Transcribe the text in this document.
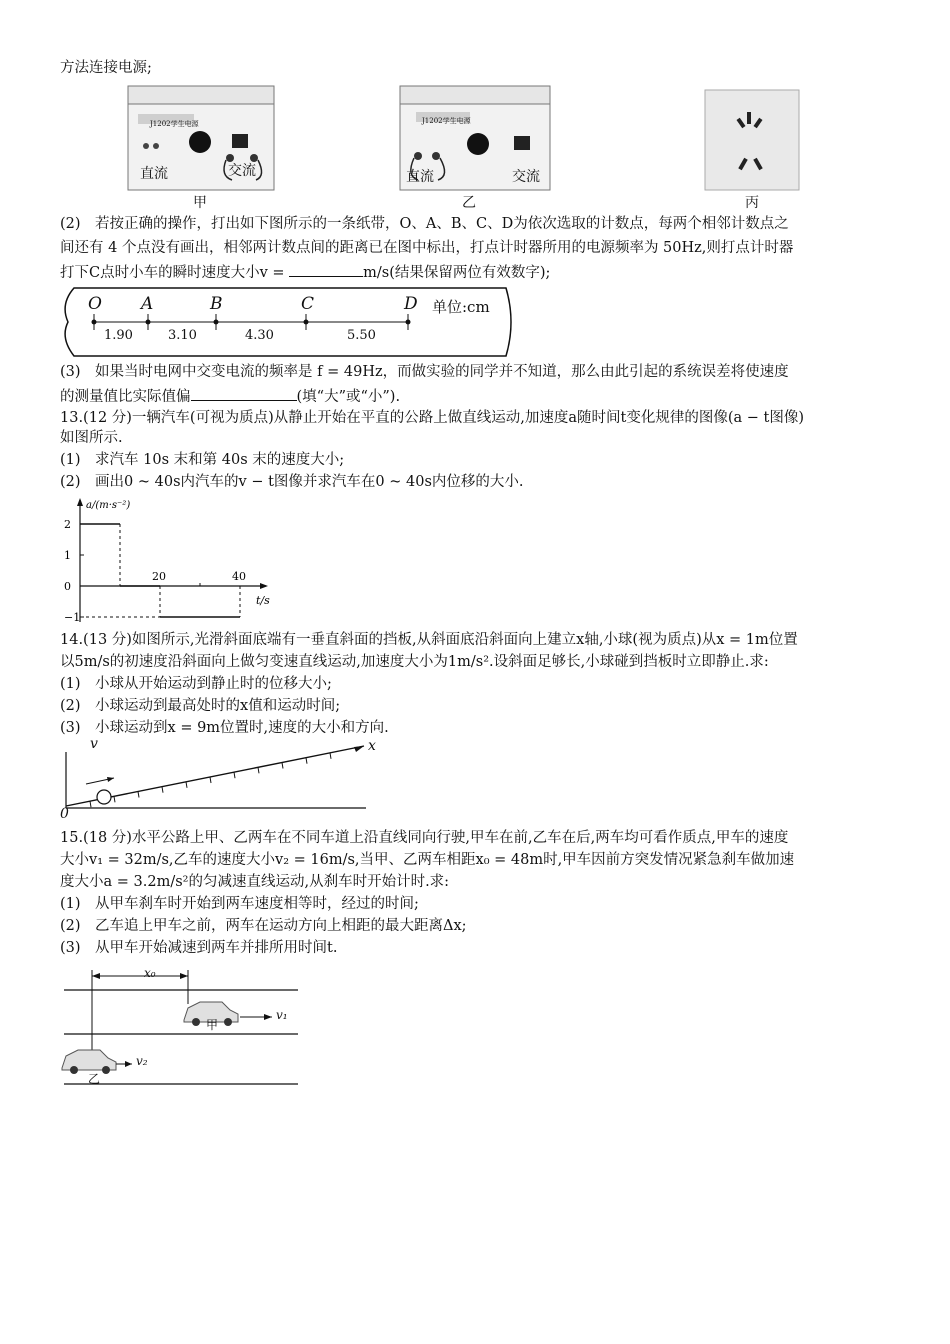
方法连接电源;
J1202学生电源	J1202学生电源
直流	交流	直流	交流
甲	乙	丙
(2)　若按正确的操作，打出如下图所示的一条纸带，O、A、B、C、D为依次选取的计数点，每两个相邻计数点之
间还有 4 个点没有画出，相邻两计数点间的距离已在图中标出，打点计时器所用的电源频率为 50Hz,则打点计时器
打下C点时小车的瞬时速度大小v =	m/s(结果保留两位有效数字);
O A	B	C	D
1.90	3.10	4.30	5.50
单位:cm
(3)　如果当时电网中交变电流的频率是 f = 49Hz，而做实验的同学并不知道，那么由此引起的系统误差将使速度
的测量值比实际值偏	(填“大”或“小”).
13.(12 分)一辆汽车(可视为质点)从静止开始在平直的公路上做直线运动,加速度a随时间t变化规律的图像(a − t图像)
如图所示.
(1)　求汽车 10s 末和第 40s 末的速度大小;
(2)　画出0 ~ 40s内汽车的v − t图像并求汽车在0 ~ 40s内位移的大小.
a/(m·s⁻²)
t/s
2
1
0
−1
20	40
14.(13 分)如图所示,光滑斜面底端有一垂直斜面的挡板,从斜面底沿斜面向上建立x轴,小球(视为质点)从x = 1m位置
以5m/s的初速度沿斜面向上做匀变速直线运动,加速度大小为1m/s².设斜面足够长,小球碰到挡板时立即静止.求:
(1)　小球从开始运动到静止时的位移大小;
(2)　小球运动到最高处时的x值和运动时间;
(3)　小球运动到x = 9m位置时,速度的大小和方向.
v	x
0
15.(18 分)水平公路上甲、乙两车在不同车道上沿直线同向行驶,甲车在前,乙车在后,两车均可看作质点,甲车的速度
大小v₁ = 32m/s,乙车的速度大小v₂ = 16m/s,当甲、乙两车相距x₀ = 48m时,甲车因前方突发情况紧急刹车做加速
度大小a = 3.2m/s²的匀减速直线运动,从刹车时开始计时.求:
(1)　从甲车刹车时开始到两车速度相等时，经过的时间;
(2)　乙车追上甲车之前，两车在运动方向上相距的最大距离Δx;
(3)　从甲车开始减速到两车并排所用时间t.
x₀
v₁
v₂
甲
乙
